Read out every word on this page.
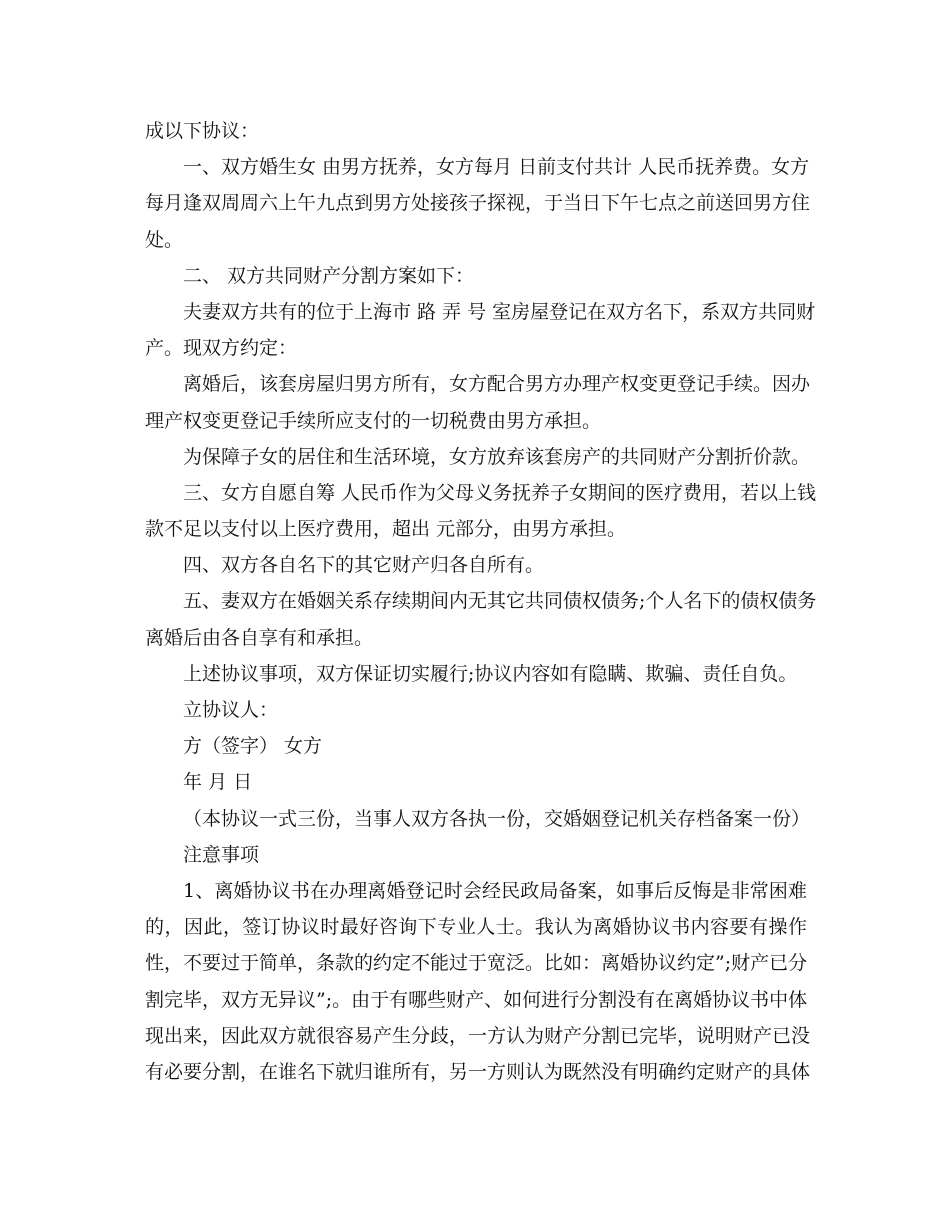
成以下协议：
一、双方婚生女 由男方抚养，女方每月 日前支付共计 人民币抚养费。女方
每月逢双周周六上午九点到男方处接孩子探视，于当日下午七点之前送回男方住
处。
二、 双方共同财产分割方案如下：
夫妻双方共有的位于上海市 路 弄 号 室房屋登记在双方名下，系双方共同财
产。现双方约定：
离婚后，该套房屋归男方所有，女方配合男方办理产权变更登记手续。因办
理产权变更登记手续所应支付的一切税费由男方承担。
为保障子女的居住和生活环境，女方放弃该套房产的共同财产分割折价款。
三、女方自愿自筹 人民币作为父母义务抚养子女期间的医疗费用，若以上钱
款不足以支付以上医疗费用，超出 元部分，由男方承担。
四、双方各自名下的其它财产归各自所有。
五、妻双方在婚姻关系存续期间内无其它共同债权债务;个人名下的债权债务
离婚后由各自享有和承担。
上述协议事项，双方保证切实履行;协议内容如有隐瞒、欺骗、责任自负。
立协议人：
方（签字） 女方
年 月 日
（本协议一式三份，当事人双方各执一份，交婚姻登记机关存档备案一份）
注意事项
1、离婚协议书在办理离婚登记时会经民政局备案，如事后反悔是非常困难
的，因此，签订协议时最好咨询下专业人士。我认为离婚协议书内容要有操作
性，不要过于简单，条款的约定不能过于宽泛。比如：离婚协议约定”;财产已分
割完毕，双方无异议”;。由于有哪些财产、如何进行分割没有在离婚协议书中体
现出来，因此双方就很容易产生分歧，一方认为财产分割已完毕，说明财产已没
有必要分割，在谁名下就归谁所有，另一方则认为既然没有明确约定财产的具体
